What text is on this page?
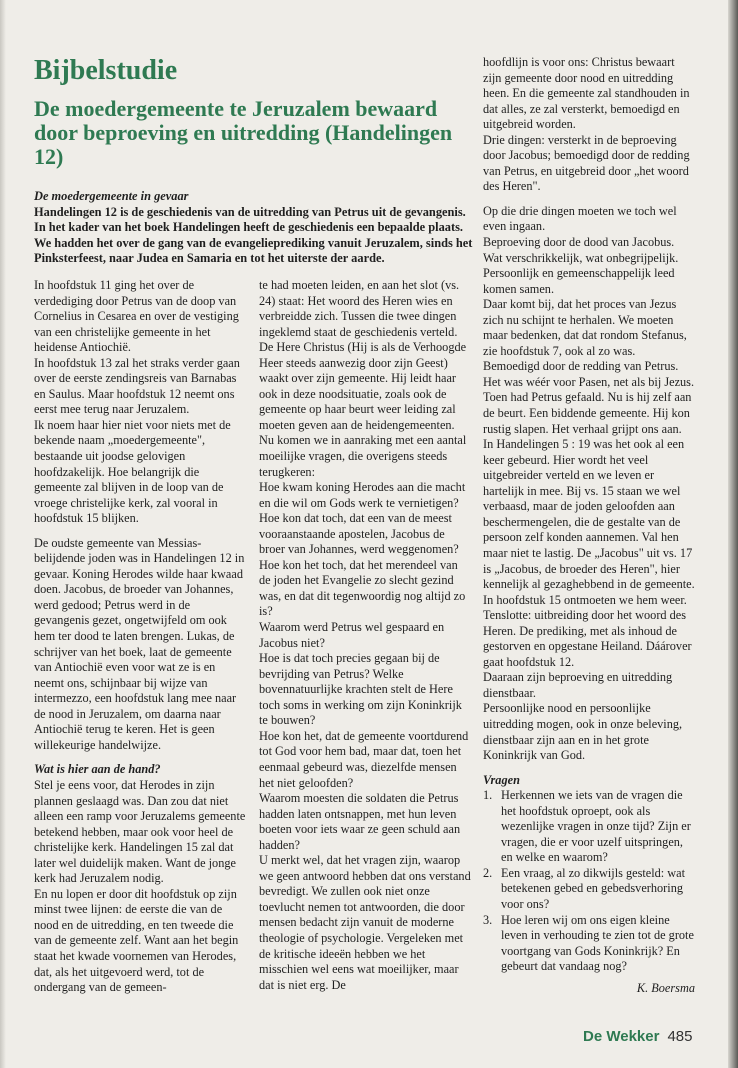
Bijbelstudie
De moedergemeente te Jeruzalem bewaard door beproeving en uitredding (Handelingen 12)
De moedergemeente in gevaar
Handelingen 12 is de geschiedenis van de uitredding van Petrus uit de gevangenis. In het kader van het boek Handelingen heeft de geschiedenis een bepaalde plaats. We hadden het over de gang van de evangelieprediking vanuit Jeruzalem, sinds het Pinksterfeest, naar Judea en Samaria en tot het uiterste der aarde.

In hoofdstuk 11 ging het over de verdediging door Petrus van de doop van Cornelius in Cesarea en over de vestiging van een christelijke gemeente in het heidense Antiochië.

In hoofdstuk 13 zal het straks verder gaan over de eerste zendingsreis van Barnabas en Saulus. Maar hoofdstuk 12 neemt ons eerst mee terug naar Jeruzalem.

Ik noem haar hier niet voor niets met de bekende naam „moedergemeente", bestaande uit joodse gelovigen hoofdzakelijk. Hoe belangrijk die gemeente zal blijven in de loop van de vroege christelijke kerk, zal vooral in hoofdstuk 15 blijken.

De oudste gemeente van Messias-belijdende joden was in Handelingen 12 in gevaar. Koning Herodes wilde haar kwaad doen. Jacobus, de broeder van Johannes, werd gedood; Petrus werd in de gevangenis gezet, ongetwijfeld om ook hem ter dood te laten brengen. Lukas, de schrijver van het boek, laat de gemeente van Antiochië even voor wat ze is en neemt ons, schijnbaar bij wijze van intermezzo, een hoofdstuk lang mee naar de nood in Jeruzalem, om daarna naar Antiochië terug te keren. Het is geen willekeurige handelwijze.

Wat is hier aan de hand?

Stel je eens voor, dat Herodes in zijn plannen geslaagd was. Dan zou dat niet alleen een ramp voor Jeruzalems gemeente betekend hebben, maar ook voor heel de christelijke kerk. Handelingen 15 zal dat later wel duidelijk maken. Want de jonge kerk had Jeruzalem nodig.

En nu lopen er door dit hoofdstuk op zijn minst twee lijnen: de eerste die van de nood en de uitredding, en ten tweede die van de gemeente zelf. Want aan het begin staat het kwade voornemen van Herodes, dat, als het uitgevoerd werd, tot de ondergang van de gemeen-

te had moeten leiden, en aan het slot (vs. 24) staat: Het woord des Heren wies en verbreidde zich. Tussen die twee dingen ingeklemd staat de geschiedenis verteld. De Here Christus (Hij is als de Verhoogde Heer steeds aanwezig door zijn Geest) waakt over zijn gemeente. Hij leidt haar ook in deze noodsituatie, zoals ook de gemeente op haar beurt weer leiding zal moeten geven aan de heidengemeenten.

Nu komen we in aanraking met een aantal moeilijke vragen, die overigens steeds terugkeren:

Hoe kwam koning Herodes aan die macht en die wil om Gods werk te vernietigen? Hoe kon dat toch, dat een van de meest vooraanstaande apostelen, Jacobus de broer van Johannes, werd weggenomen?

Hoe kon het toch, dat het merendeel van de joden het Evangelie zo slecht gezind was, en dat dit tegenwoordig nog altijd zo is?

Waarom werd Petrus wel gespaard en Jacobus niet?

Hoe is dat toch precies gegaan bij de bevrijding van Petrus? Welke bovennatuurlijke krachten stelt de Here toch soms in werking om zijn Koninkrijk te bouwen?

Hoe kon het, dat de gemeente voortdurend tot God voor hem bad, maar dat, toen het eenmaal gebeurd was, diezelfde mensen het niet geloofden?

Waarom moesten die soldaten die Petrus hadden laten ontsnappen, met hun leven boeten voor iets waar ze geen schuld aan hadden?

U merkt wel, dat het vragen zijn, waarop we geen antwoord hebben dat ons verstand bevredigt. We zullen ook niet onze toevlucht nemen tot antwoorden, die door mensen bedacht zijn vanuit de moderne theologie of psychologie. Vergeleken met de kritische ideeën hebben we het misschien wel eens wat moeilijker, maar dat is niet erg. De

hoofdlijn is voor ons: Christus bewaart zijn gemeente door nood en uitredding heen. En die gemeente zal standhouden in dat alles, ze zal versterkt, bemoedigd en uitgebreid worden.

Drie dingen: versterkt in de beproeving door Jacobus; bemoedigd door de redding van Petrus, en uitgebreid door „het woord des Heren".

Op die drie dingen moeten we toch wel even ingaan.

Beproeving door de dood van Jacobus. Wat verschrikkelijk, wat onbegrijpelijk. Persoonlijk en gemeenschappelijk leed komen samen.

Daar komt bij, dat het proces van Jezus zich nu schijnt te herhalen. We moeten maar bedenken, dat dat rondom Stefanus, zie hoofdstuk 7, ook al zo was.

Bemoedigd door de redding van Petrus. Het was wéér voor Pasen, net als bij Jezus. Toen had Petrus gefaald. Nu is hij zelf aan de beurt. Een biddende gemeente. Hij kon rustig slapen. Het verhaal grijpt ons aan. In Handelingen 5 : 19 was het ook al een keer gebeurd. Hier wordt het veel uitgebreider verteld en we leven er hartelijk in mee. Bij vs. 15 staan we wel verbaasd, maar de joden geloofden aan beschermengelen, die de gestalte van de persoon zelf konden aannemen. Val hen maar niet te lastig. De „Jacobus" uit vs. 17 is „Jacobus, de broeder des Heren", hier kennelijk al gezaghebbend in de gemeente. In hoofdstuk 15 ontmoeten we hem weer.

Tenslotte: uitbreiding door het woord des Heren. De prediking, met als inhoud de gestorven en opgestane Heiland. Dáárover gaat hoofdstuk 12.

Daaraan zijn beproeving en uitredding dienstbaar.

Persoonlijke nood en persoonlijke uitredding mogen, ook in onze beleving, dienstbaar zijn aan en in het grote Koninkrijk van God.

Vragen

1. Herkennen we iets van de vragen die het hoofdstuk oproept, ook als wezenlijke vragen in onze tijd? Zijn er vragen, die er voor uzelf uitspringen, en welke en waarom?
2. Een vraag, al zo dikwijls gesteld: wat betekenen gebed en gebedsverhoring voor ons?
3. Hoe leren wij om ons eigen kleine leven in verhouding te zien tot de grote voortgang van Gods Koninkrijk? En gebeurt dat vandaag nog?
K. Boersma
De Wekker 485
